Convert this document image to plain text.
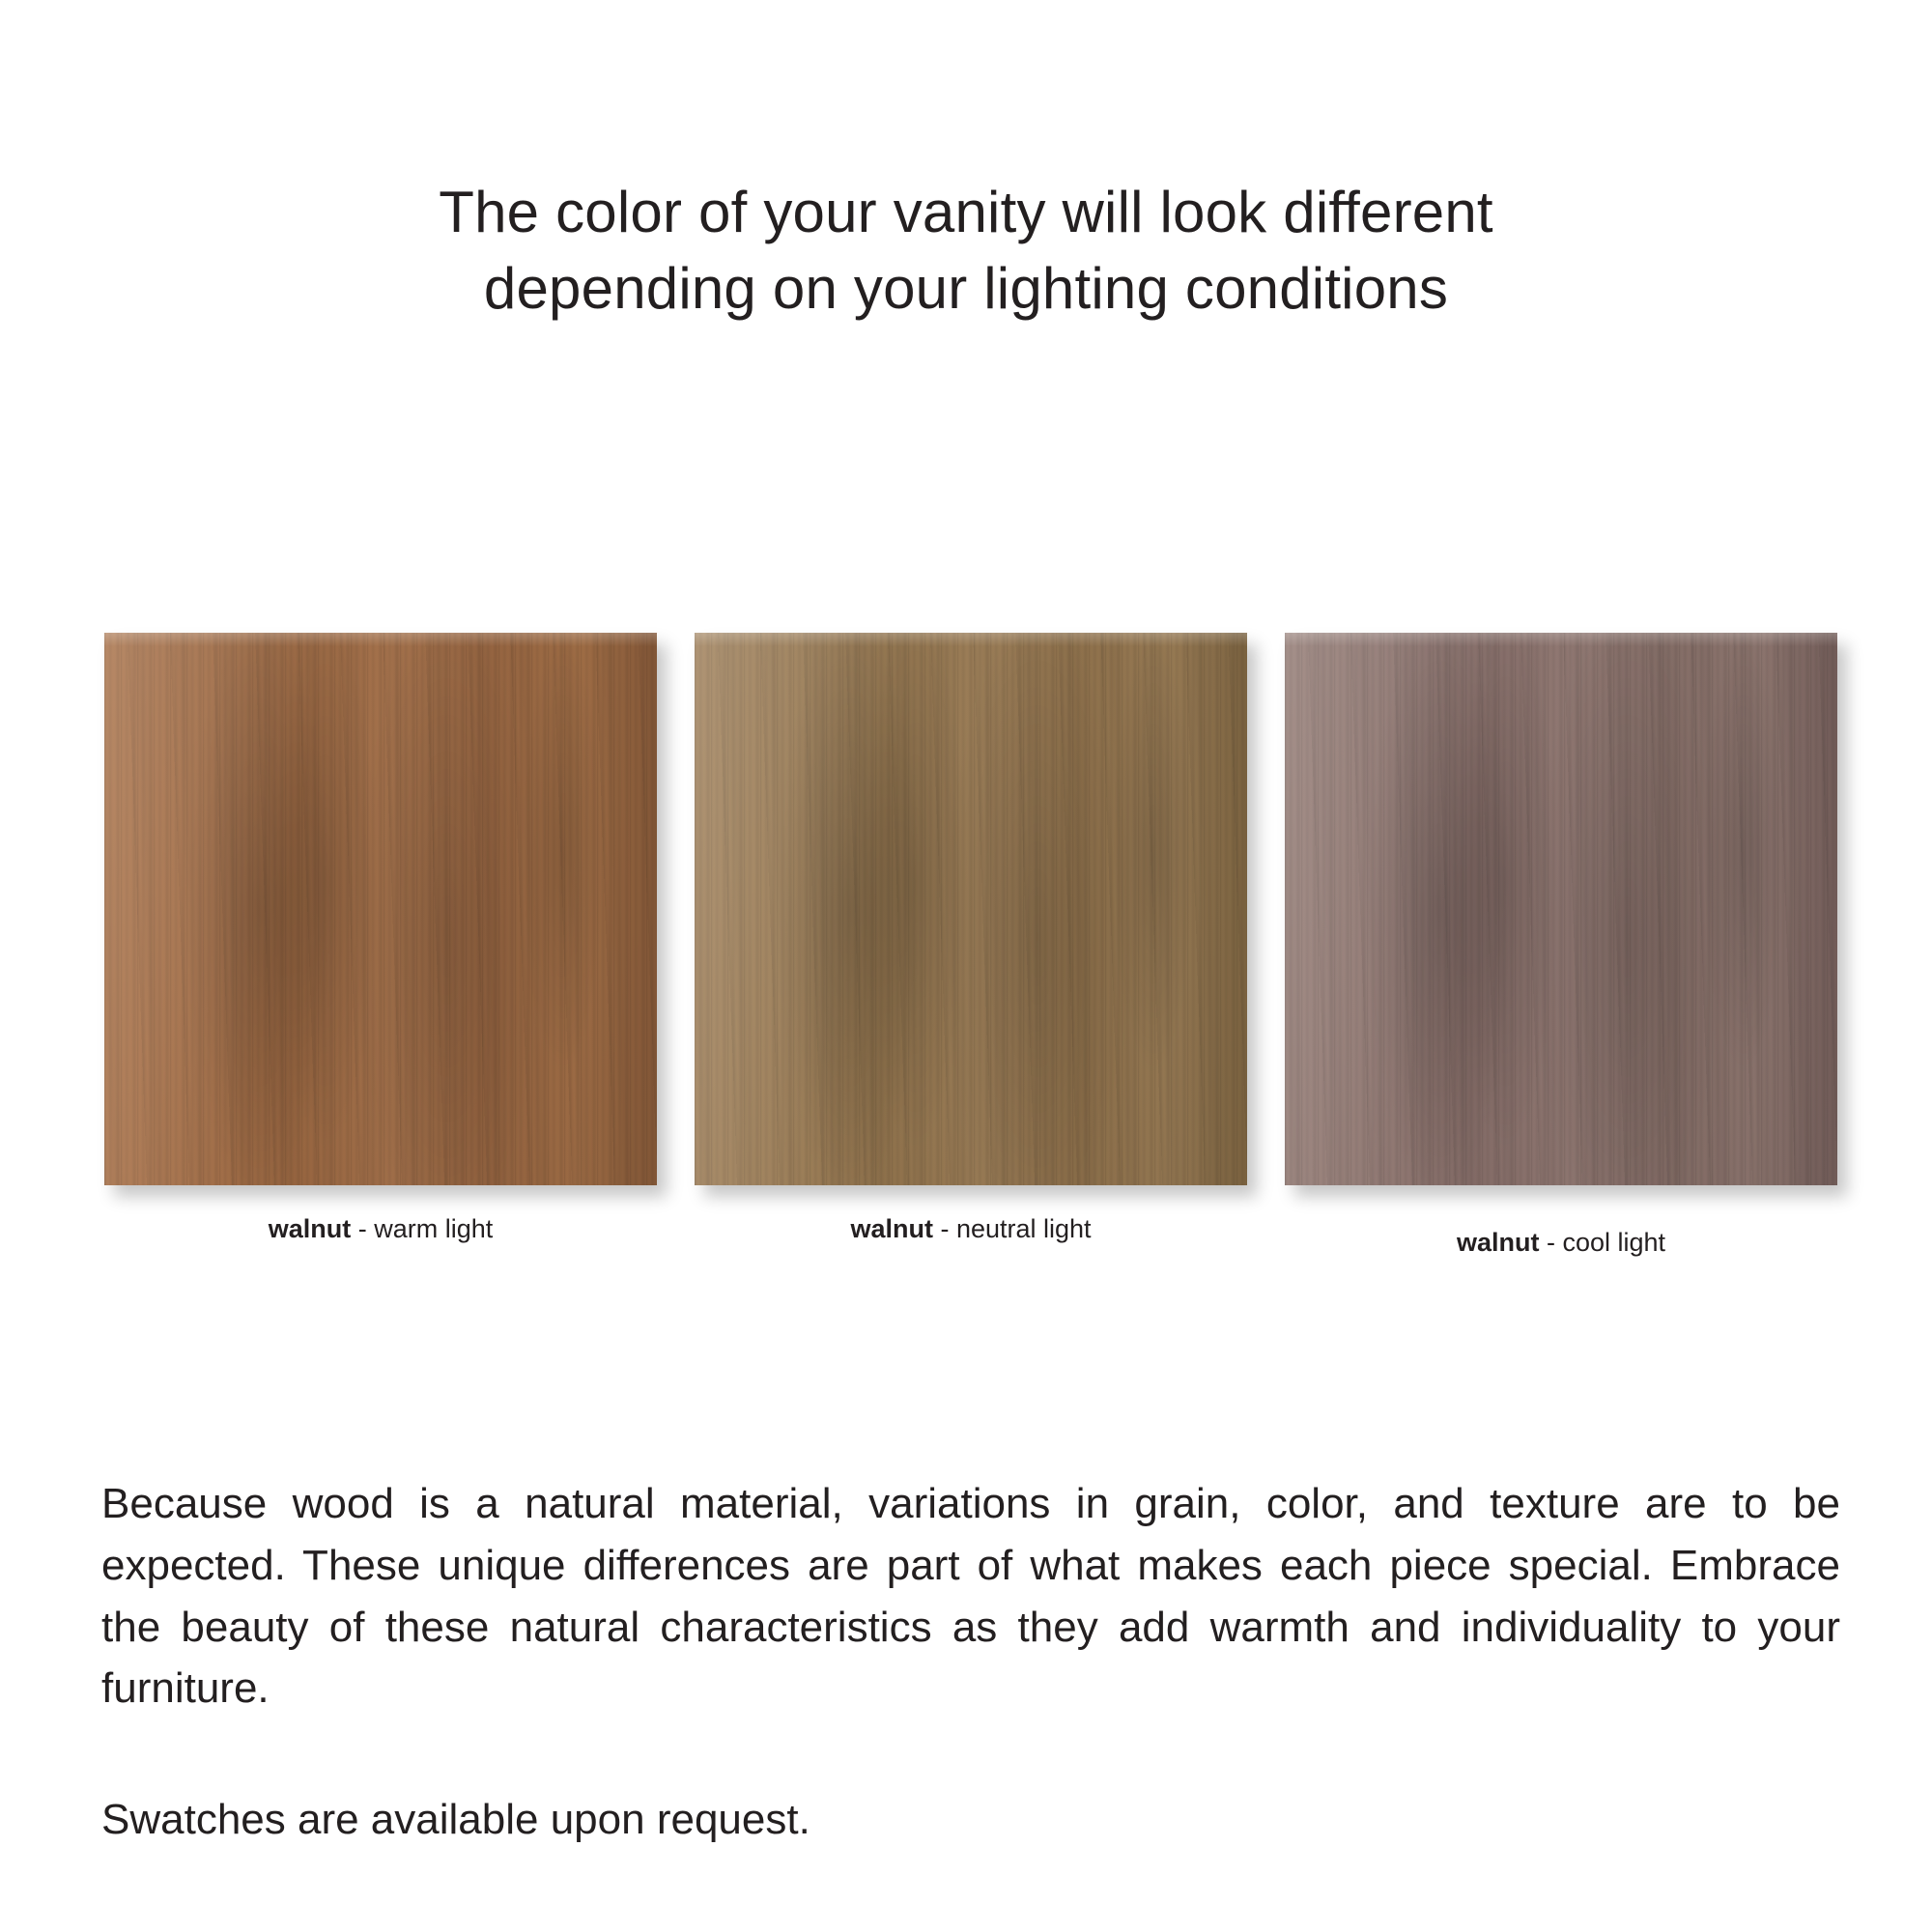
The color of your vanity will look different
depending on your lighting conditions
walnut - warm light	walnut - neutral light	walnut - cool light

Because wood is a natural material, variations in grain, color, and texture are to be expected. These unique differences are part of what makes each piece special. Embrace the beauty of these natural characteristics as they add warmth and individuality to your furniture.

Swatches are available upon request.
